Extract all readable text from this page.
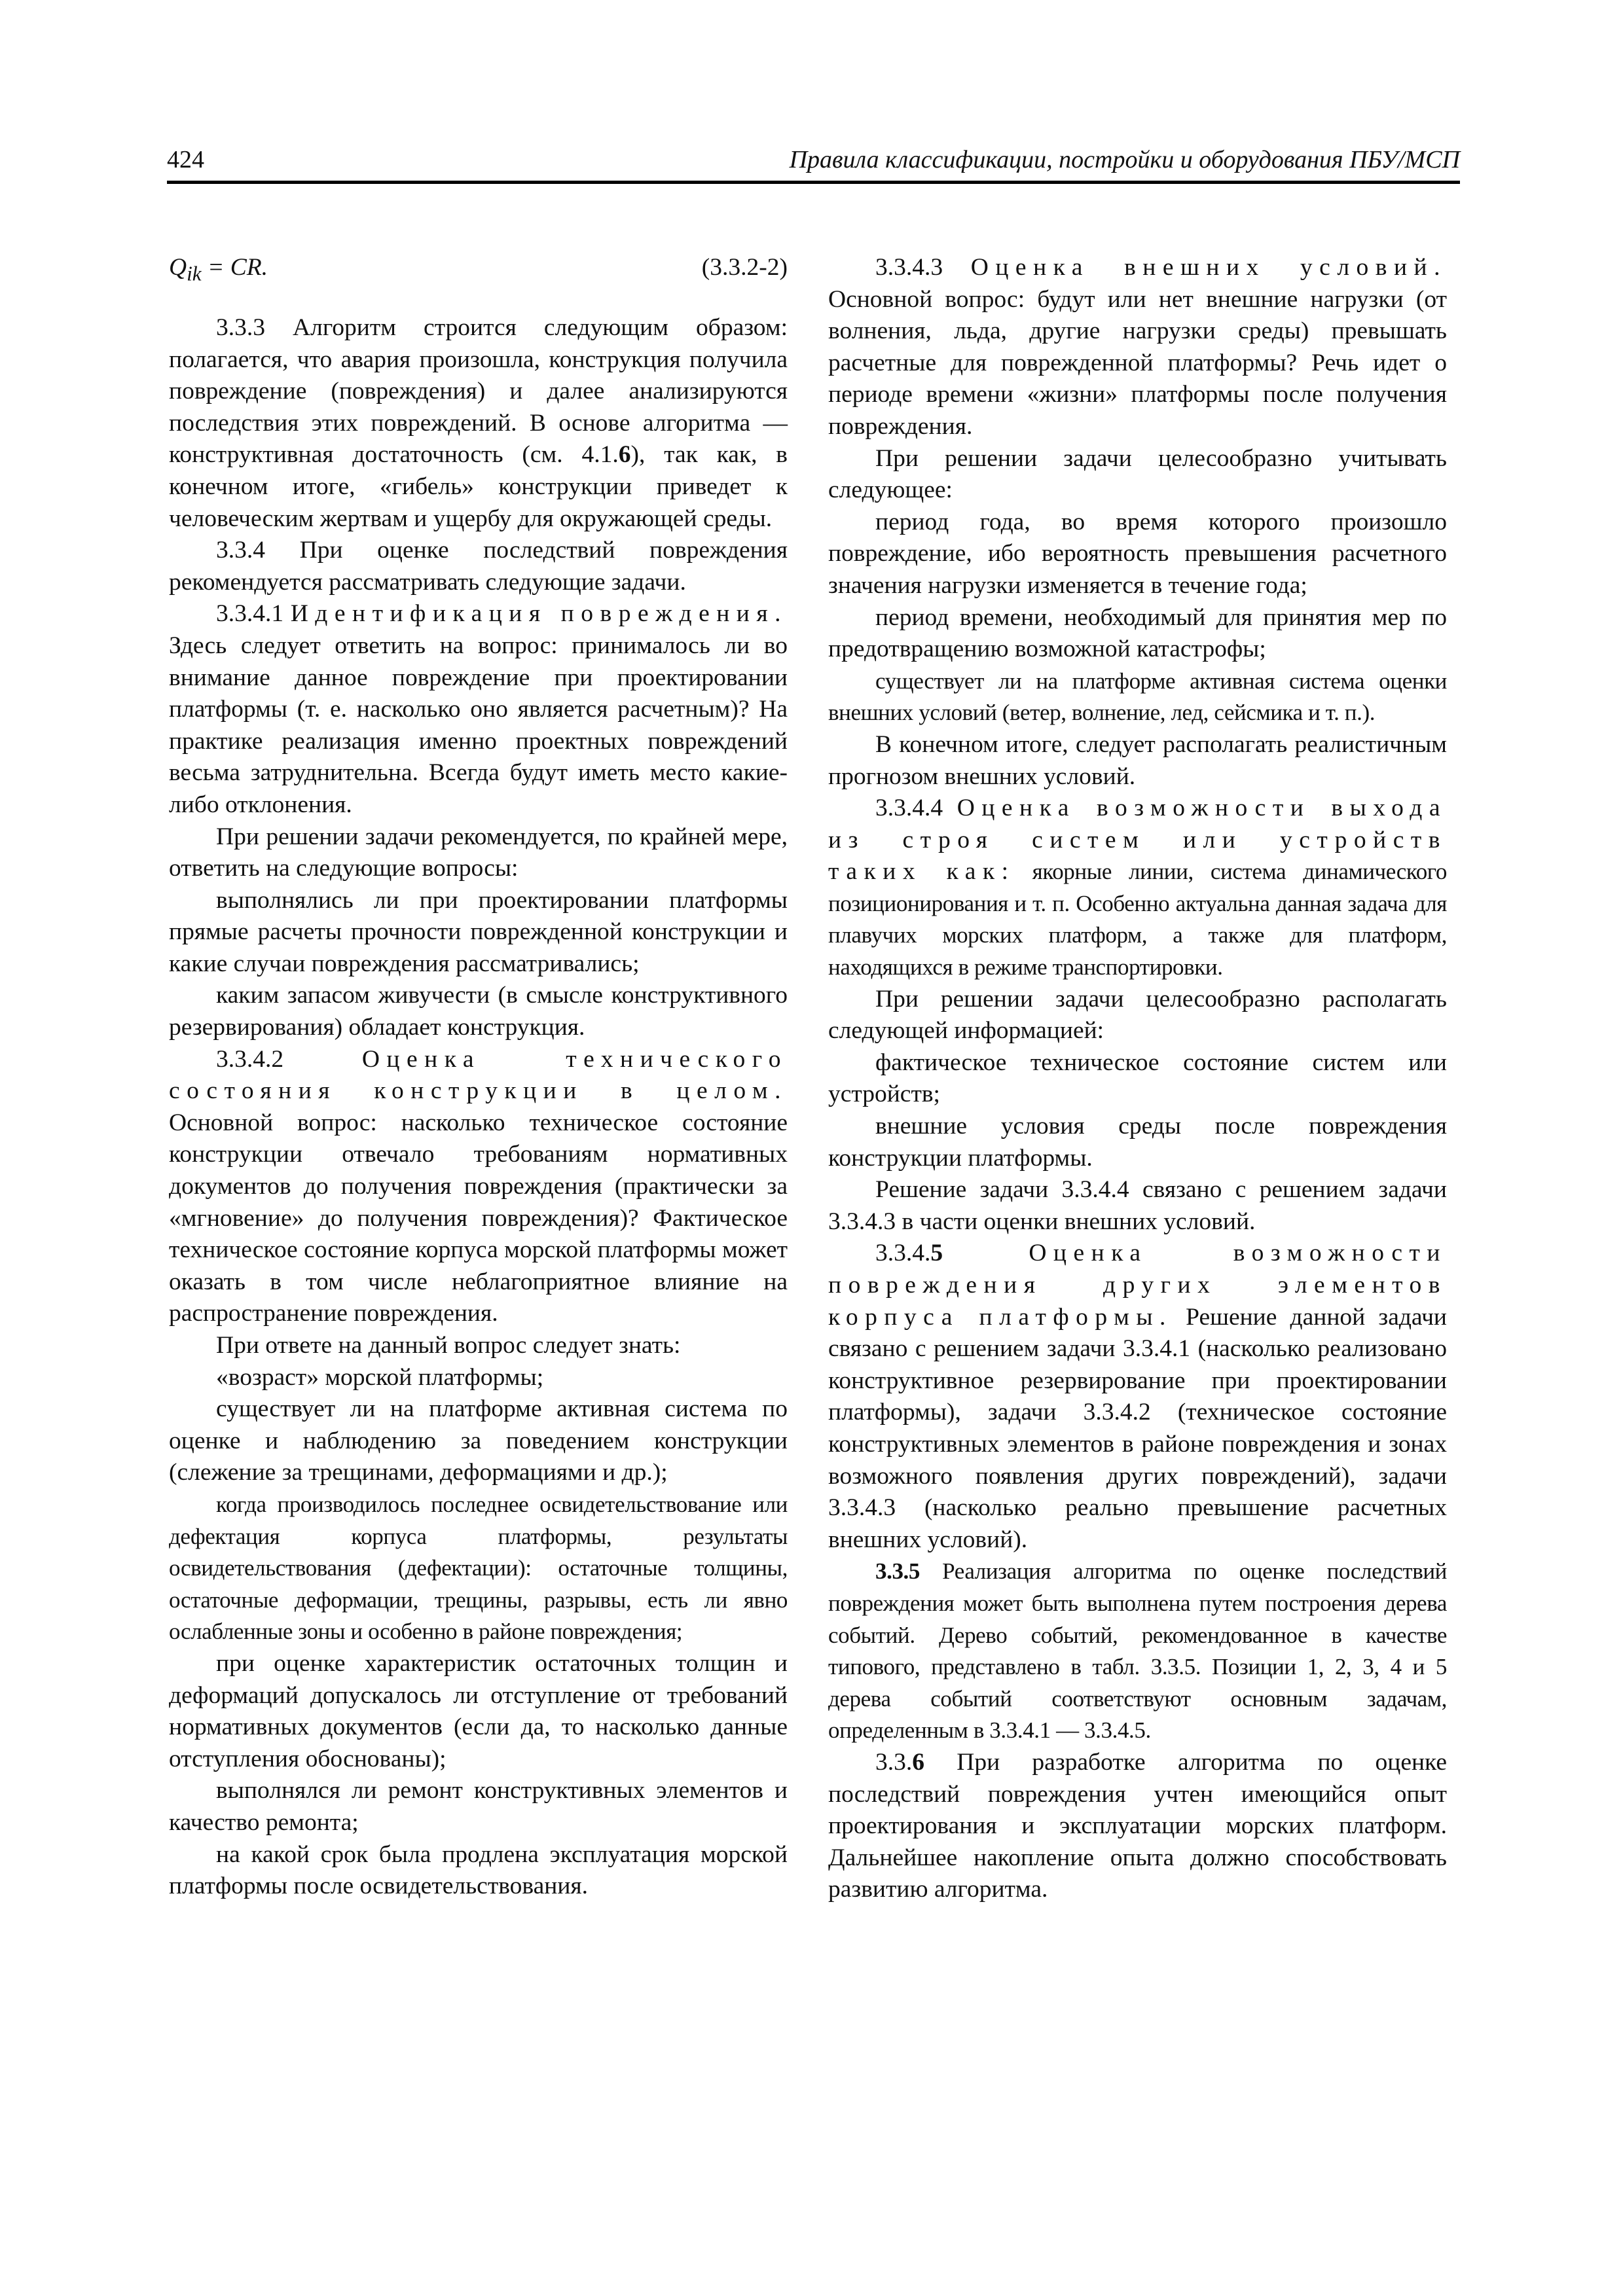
424	Правила классификации, постройки и оборудования ПБУ/МСП
$Q_{ik}$ = CR.	(3.3.2-2)

3.3.3 Алгоритм строится следующим образом: полагается, что авария произошла, конструкция получила повреждение (повреждения) и далее анализируются последствия этих повреждений. В основе алгоритма — конструктивная достаточность (см. 4.1.6), так как, в конечном итоге, «гибель» конструкции приведет к человеческим жертвам и ущербу для окружающей среды.

3.3.4 При оценке последствий повреждения рекомендуется рассматривать следующие задачи.

3.3.4.1 Идентификация повреждения. Здесь следует ответить на вопрос: принималось ли во внимание данное повреждение при проектировании платформы (т. е. насколько оно является расчетным)? На практике реализация именно проектных повреждений весьма затруднительна. Всегда будут иметь место какие-либо отклонения.

При решении задачи рекомендуется, по крайней мере, ответить на следующие вопросы:

выполнялись ли при проектировании платформы прямые расчеты прочности поврежденной конструкции и какие случаи повреждения рассматривались;

каким запасом живучести (в смысле конструктивного резервирования) обладает конструкция.

3.3.4.2 Оценка технического состояния конструкции в целом. Основной вопрос: насколько техническое состояние конструкции отвечало требованиям нормативных документов до получения повреждения (практически за «мгновение» до получения повреждения)? Фактическое техническое состояние корпуса морской платформы может оказать в том числе неблагоприятное влияние на распространение повреждения.

При ответе на данный вопрос следует знать:

«возраст» морской платформы;

существует ли на платформе активная система по оценке и наблюдению за поведением конструкции (слежение за трещинами, деформациями и др.);

когда производилось последнее освидетельствование или дефектация корпуса платформы, результаты освидетельствования (дефектации): остаточные толщины, остаточные деформации, трещины, разрывы, есть ли явно ослабленные зоны и особенно в районе повреждения;

при оценке характеристик остаточных толщин и деформаций допускалось ли отступление от требований нормативных документов (если да, то насколько данные отступления обоснованы);

выполнялся ли ремонт конструктивных элементов и качество ремонта;

на какой срок была продлена эксплуатация морской платформы после освидетельствования.

3.3.4.3 Оценка внешних условий. Основной вопрос: будут или нет внешние нагрузки (от волнения, льда, другие нагрузки среды) превышать расчетные для поврежденной платформы? Речь идет о периоде времени «жизни» платформы после получения повреждения.

При решении задачи целесообразно учитывать следующее:

период года, во время которого произошло повреждение, ибо вероятность превышения расчетного значения нагрузки изменяется в течение года;

период времени, необходимый для принятия мер по предотвращению возможной катастрофы;

существует ли на платформе активная система оценки внешних условий (ветер, волнение, лед, сейсмика и т. п.).

В конечном итоге, следует располагать реалистичным прогнозом внешних условий.

3.3.4.4 Оценка возможности выхода из строя систем или устройств таких как: якорные линии, система динамического позиционирования и т. п. Особенно актуальна данная задача для плавучих морских платформ, а также для платформ, находящихся в режиме транспортировки.

При решении задачи целесообразно располагать следующей информацией:

фактическое техническое состояние систем или устройств;

внешние условия среды после повреждения конструкции платформы.

Решение задачи 3.3.4.4 связано с решением задачи 3.3.4.3 в части оценки внешних условий.

3.3.4.5 Оценка возможности повреждения других элементов корпуса платформы. Решение данной задачи связано с решением задачи 3.3.4.1 (насколько реализовано конструктивное резервирование при проектировании платформы), задачи 3.3.4.2 (техническое состояние конструктивных элементов в районе повреждения и зонах возможного появления других повреждений), задачи 3.3.4.3 (насколько реально превышение расчетных внешних условий).

3.3.5 Реализация алгоритма по оценке последствий повреждения может быть выполнена путем построения дерева событий. Дерево событий, рекомендованное в качестве типового, представлено в табл. 3.3.5. Позиции 1, 2, 3, 4 и 5 дерева событий соответствуют основным задачам, определенным в 3.3.4.1 — 3.3.4.5.

3.3.6 При разработке алгоритма по оценке последствий повреждения учтен имеющийся опыт проектирования и эксплуатации морских платформ. Дальнейшее накопление опыта должно способствовать развитию алгоритма.
